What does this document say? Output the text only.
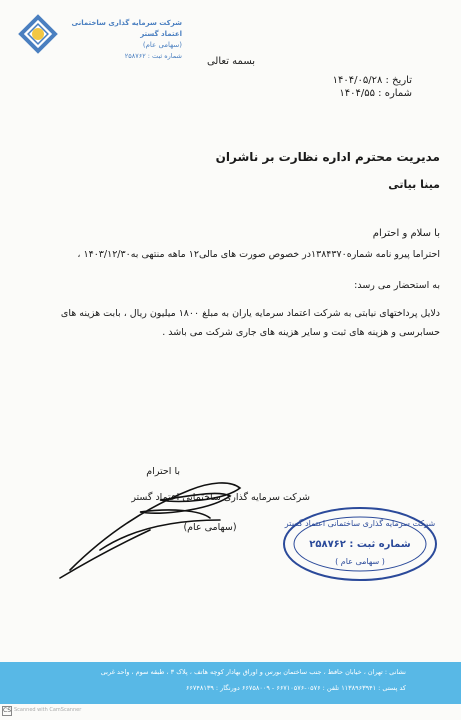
شرکت سرمایه گذاری ساختمانی اعتماد گستر
(سهامی عام)
شماره ثبت : ۲۵۸۷۶۲	بسمه تعالی
تاریخ : ۱۴۰۴/۰۵/۲۸
شماره : ۱۴۰۴/۵۵
مدیریت محترم اداره نظارت بر ناشران
مینا بیاتی
با سلام و احترام
احتراما پیرو نامه شماره۱۳۸۴۳۷۰در خصوص صورت های مالی۱۲ ماهه منتهی به۱۴۰۳/۱۲/۳۰ ،
به استحضار می رسد:
دلایل پرداختهای نیابتی به شرکت اعتماد سرمایه یاران به مبلغ ۱۸۰۰ میلیون ریال ، بابت هزینه های حسابرسی و هزینه های ثبت و سایر هزینه های جاری شرکت می باشد .
با احترام
شرکت سرمایه گذاری ساختمانی اعتماد گستر
(سهامی عام)	شرکت سرمایه گذاری ساختمانی اعتماد گستر
شماره ثبت : ۲۵۸۷۶۲
( سهامی عام )
نشانی : تهران ، خیابان حافظ ، جنب ساختمان بورس و اوراق بهادار کوچه هاتف ، پلاک ۳ ، طبقه سوم ، واحد غربی
کد پستی : ۱۱۳۸۹۶۳۹۴۱ تلفن : ۰۵۷۶-۶۶۷۱۰۵۷۶ - ۶۶۷۵۸۰۰۹ دورنگار : ۶۶۷۴۸۱۳۹
CS Scanned with CamScanner
